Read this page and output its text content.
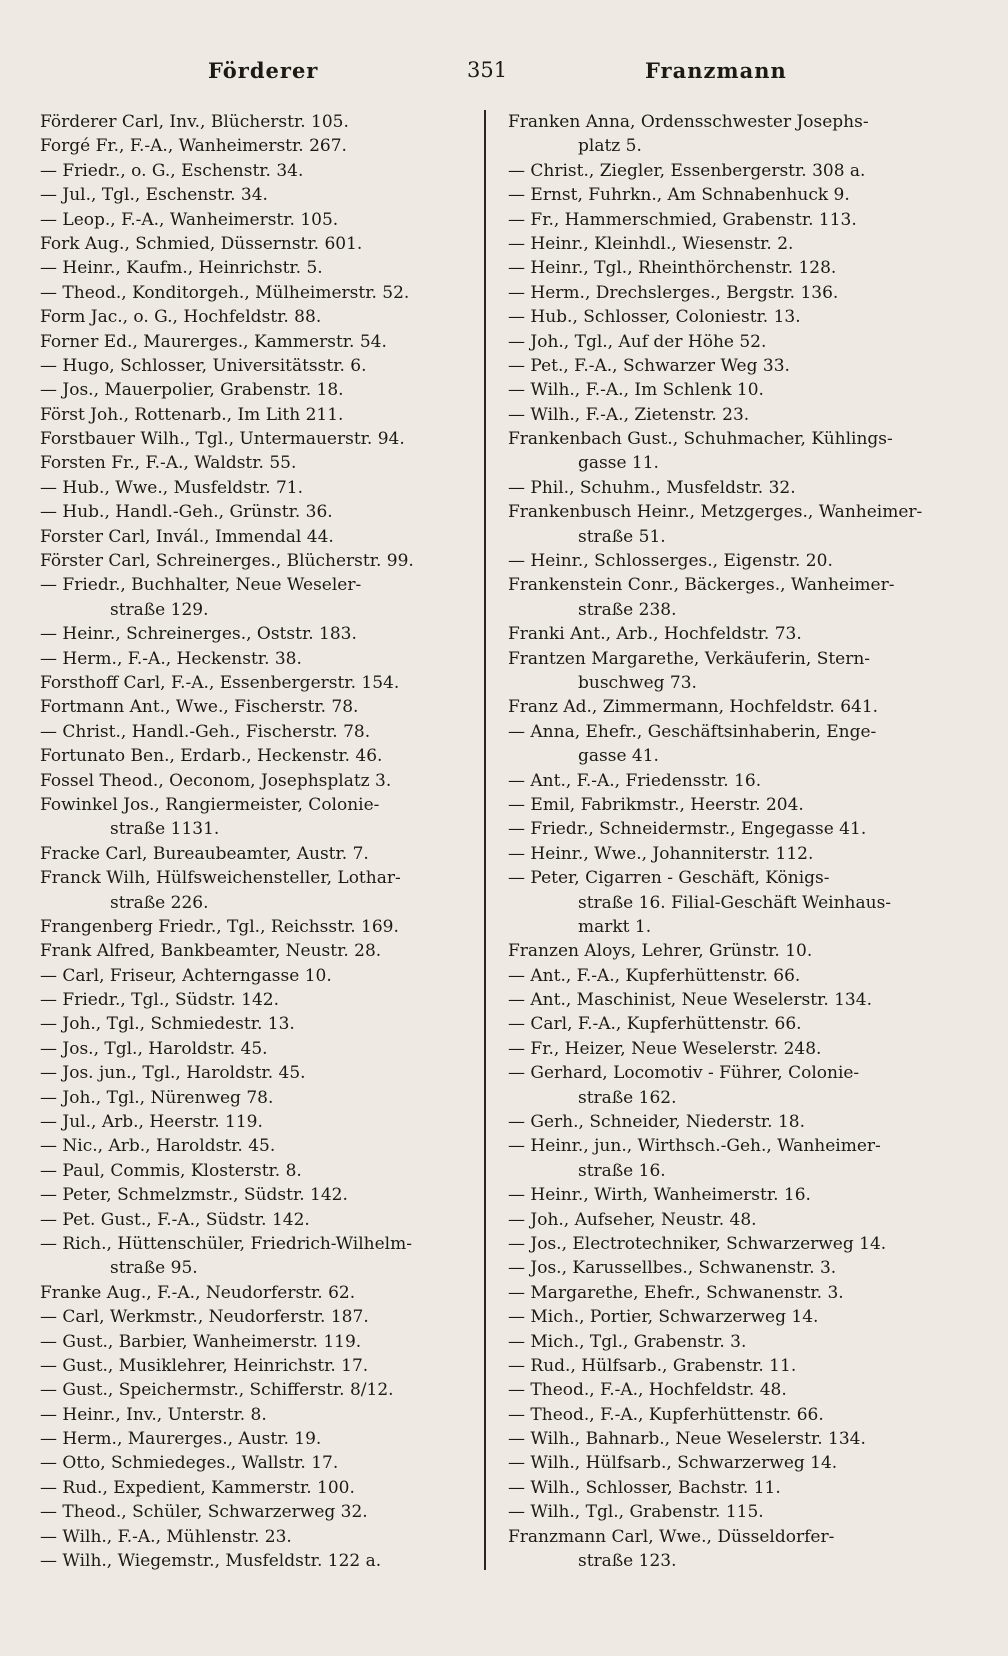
Förderer	351	Franzmann
Förderer Carl, Inv., Blücherstr. 105.
Forgé Fr., F.-A., Wanheimerstr. 267.
— Friedr., o. G., Eschenstr. 34.
— Jul., Tgl., Eschenstr. 34.
— Leop., F.-A., Wanheimerstr. 105.
Fork Aug., Schmied, Düssernstr. 601.
— Heinr., Kaufm., Heinrichstr. 5.
— Theod., Konditorgeh., Mülheimerstr. 52.
Form Jac., o. G., Hochfeldstr. 88.
Forner Ed., Maurerges., Kammerstr. 54.
— Hugo, Schlosser, Universitätsstr. 6.
— Jos., Mauerpolier, Grabenstr. 18.
Först Joh., Rottenarb., Im Lith 211.
Forstbauer Wilh., Tgl., Untermauerstr. 94.
Forsten Fr., F.-A., Waldstr. 55.
— Hub., Wwe., Musfeldstr. 71.
— Hub., Handl.-Geh., Grünstr. 36.
Forster Carl, Invál., Immendal 44.
Förster Carl, Schreinerges., Blücherstr. 99.
— Friedr., Buchhalter, Neue Weseler-
straße 129.
— Heinr., Schreinerges., Oststr. 183.
— Herm., F.-A., Heckenstr. 38.
Forsthoff Carl, F.-A., Essenbergerstr. 154.
Fortmann Ant., Wwe., Fischerstr. 78.
— Christ., Handl.-Geh., Fischerstr. 78.
Fortunato Ben., Erdarb., Heckenstr. 46.
Fossel Theod., Oeconom, Josephsplatz 3.
Fowinkel Jos., Rangiermeister, Colonie-
straße 1131.
Fracke Carl, Bureaubeamter, Austr. 7.
Franck Wilh, Hülfsweichensteller, Lothar-
straße 226.
Frangenberg Friedr., Tgl., Reichsstr. 169.
Frank Alfred, Bankbeamter, Neustr. 28.
— Carl, Friseur, Achterngasse 10.
— Friedr., Tgl., Südstr. 142.
— Joh., Tgl., Schmiedestr. 13.
— Jos., Tgl., Haroldstr. 45.
— Jos. jun., Tgl., Haroldstr. 45.
— Joh., Tgl., Nürenweg 78.
— Jul., Arb., Heerstr. 119.
— Nic., Arb., Haroldstr. 45.
— Paul, Commis, Klosterstr. 8.
— Peter, Schmelzmstr., Südstr. 142.
— Pet. Gust., F.-A., Südstr. 142.
— Rich., Hüttenschüler, Friedrich-Wilhelm-
straße 95.
Franke Aug., F.-A., Neudorferstr. 62.
— Carl, Werkmstr., Neudorferstr. 187.
— Gust., Barbier, Wanheimerstr. 119.
— Gust., Musiklehrer, Heinrichstr. 17.
— Gust., Speichermstr., Schifferstr. 8/12.
— Heinr., Inv., Unterstr. 8.
— Herm., Maurerges., Austr. 19.
— Otto, Schmiedeges., Wallstr. 17.
— Rud., Expedient, Kammerstr. 100.
— Theod., Schüler, Schwarzerweg 32.
— Wilh., F.-A., Mühlenstr. 23.
— Wilh., Wiegemstr., Musfeldstr. 122 a.
Franken Anna, Ordensschwester Josephs-
platz 5.
— Christ., Ziegler, Essenbergerstr. 308 a.
— Ernst, Fuhrkn., Am Schnabenhuck 9.
— Fr., Hammerschmied, Grabenstr. 113.
— Heinr., Kleinhdl., Wiesenstr. 2.
— Heinr., Tgl., Rheinthörchenstr. 128.
— Herm., Drechslerges., Bergstr. 136.
— Hub., Schlosser, Coloniestr. 13.
— Joh., Tgl., Auf der Höhe 52.
— Pet., F.-A., Schwarzer Weg 33.
— Wilh., F.-A., Im Schlenk 10.
— Wilh., F.-A., Zietenstr. 23.
Frankenbach Gust., Schuhmacher, Kühlings-
gasse 11.
— Phil., Schuhm., Musfeldstr. 32.
Frankenbusch Heinr., Metzgerges., Wanheimer-
straße 51.
— Heinr., Schlosserges., Eigenstr. 20.
Frankenstein Conr., Bäckerges., Wanheimer-
straße 238.
Franki Ant., Arb., Hochfeldstr. 73.
Frantzen Margarethe, Verkäuferin, Stern-
buschweg 73.
Franz Ad., Zimmermann, Hochfeldstr. 641.
— Anna, Ehefr., Geschäftsinhaberin, Enge-
gasse 41.
— Ant., F.-A., Friedensstr. 16.
— Emil, Fabrikmstr., Heerstr. 204.
— Friedr., Schneidermstr., Engegasse 41.
— Heinr., Wwe., Johanniterstr. 112.
— Peter, Cigarren - Geschäft, Königs-
straße 16. Filial-Geschäft Weinhaus-
markt 1.
Franzen Aloys, Lehrer, Grünstr. 10.
— Ant., F.-A., Kupferhüttenstr. 66.
— Ant., Maschinist, Neue Weselerstr. 134.
— Carl, F.-A., Kupferhüttenstr. 66.
— Fr., Heizer, Neue Weselerstr. 248.
— Gerhard, Locomotiv - Führer, Colonie-
straße 162.
— Gerh., Schneider, Niederstr. 18.
— Heinr., jun., Wirthsch.-Geh., Wanheimer-
straße 16.
— Heinr., Wirth, Wanheimerstr. 16.
— Joh., Aufseher, Neustr. 48.
— Jos., Electrotechniker, Schwarzerweg 14.
— Jos., Karussellbes., Schwanenstr. 3.
— Margarethe, Ehefr., Schwanenstr. 3.
— Mich., Portier, Schwarzerweg 14.
— Mich., Tgl., Grabenstr. 3.
— Rud., Hülfsarb., Grabenstr. 11.
— Theod., F.-A., Hochfeldstr. 48.
— Theod., F.-A., Kupferhüttenstr. 66.
— Wilh., Bahnarb., Neue Weselerstr. 134.
— Wilh., Hülfsarb., Schwarzerweg 14.
— Wilh., Schlosser, Bachstr. 11.
— Wilh., Tgl., Grabenstr. 115.
Franzmann Carl, Wwe., Düsseldorfer-
straße 123.
